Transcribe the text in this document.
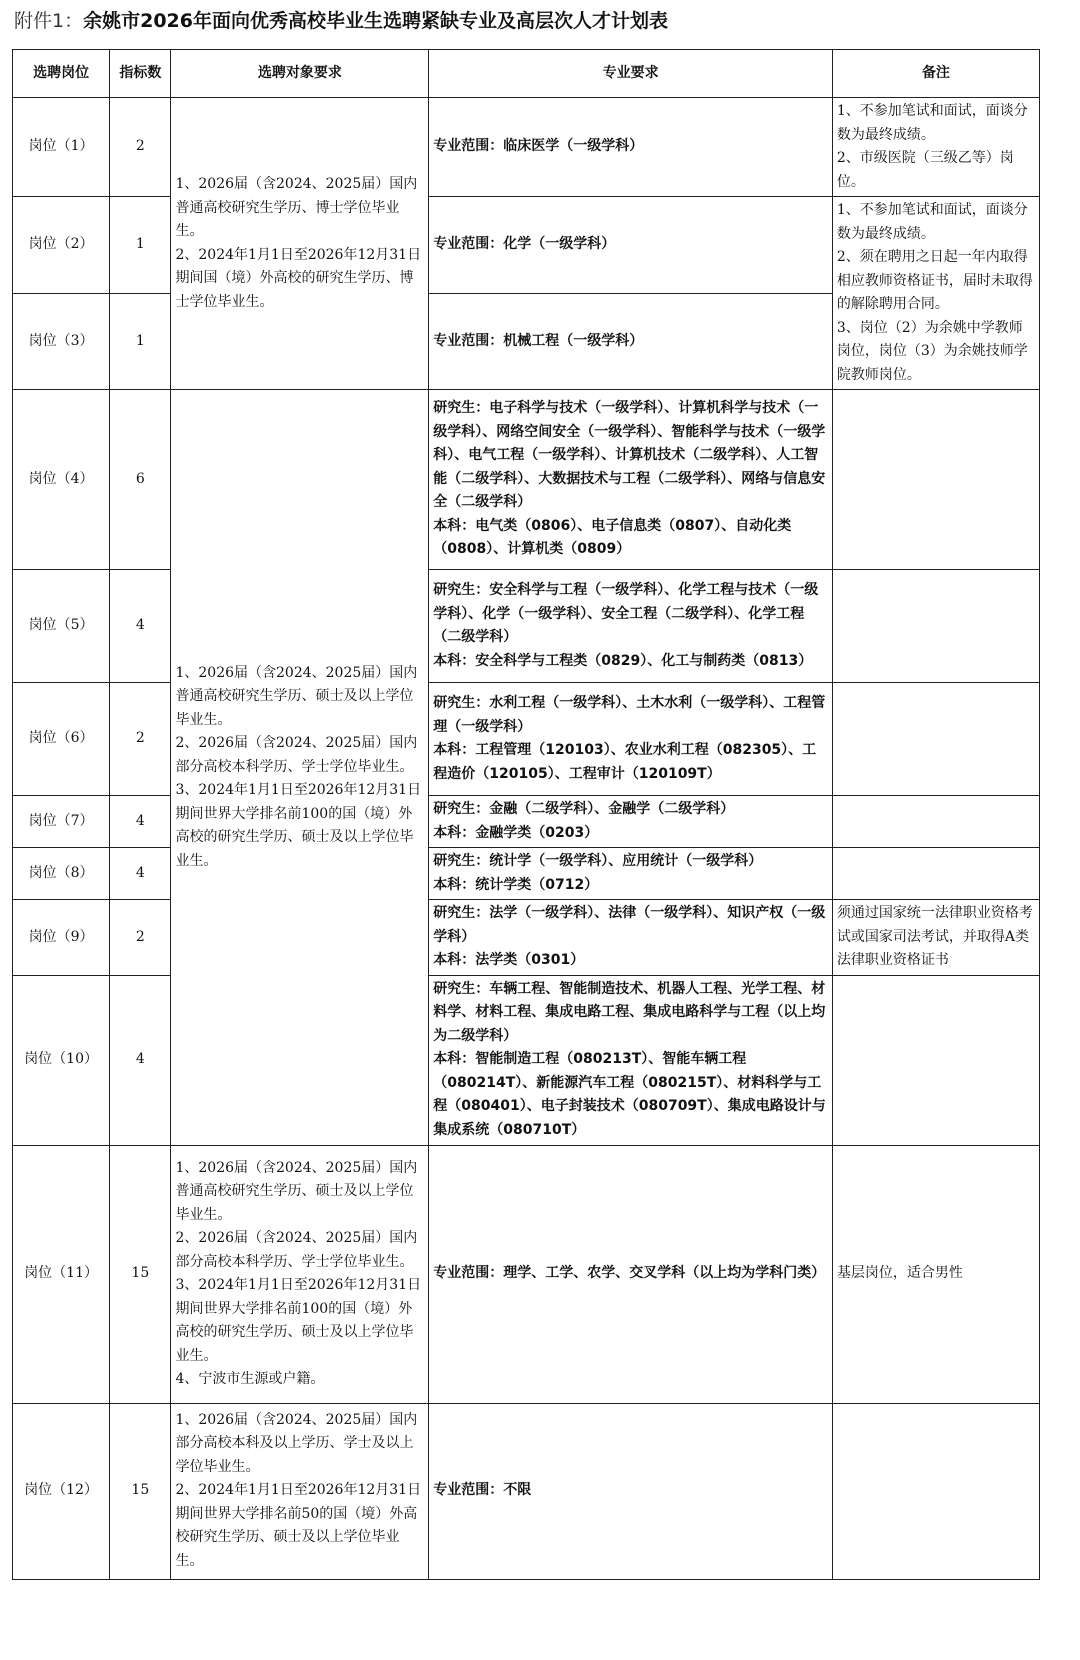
附件1：余姚市2026年面向优秀高校毕业生选聘紧缺专业及高层次人才计划表
选聘岗位	指标数	选聘对象要求	专业要求	备注
岗位（1）	2	1、2026届（含2024、2025届）国内普通高校研究生学历、博士学位毕业生。
2、2024年1月1日至2026年12月31日期间国（境）外高校的研究生学历、博士学位毕业生。	专业范围：临床医学（一级学科）	1、不参加笔试和面试，面谈分数为最终成绩。
2、市级医院（三级乙等）岗位。

岗位（2）	1		专业范围：化学（一级学科）	1、不参加笔试和面试，面谈分数为最终成绩。
2、须在聘用之日起一年内取得相应教师资格证书，届时未取得的解除聘用合同。
3、岗位（2）为余姚中学教师岗位，岗位（3）为余姚技师学院教师岗位。

岗位（3）	1		专业范围：机械工程（一级学科）	

岗位（4）	6	1、2026届（含2024、2025届）国内普通高校研究生学历、硕士及以上学位毕业生。
2、2026届（含2024、2025届）国内部分高校本科学历、学士学位毕业生。
3、2024年1月1日至2026年12月31日期间世界大学排名前100的国（境）外高校的研究生学历、硕士及以上学位毕业生。	研究生：电子科学与技术（一级学科）、计算机科学与技术（一级学科）、网络空间安全（一级学科）、智能科学与技术（一级学科）、电气工程（一级学科）、计算机技术（二级学科）、人工智能（二级学科）、大数据技术与工程（二级学科）、网络与信息安全（二级学科）
本科：电气类（0806）、电子信息类（0807）、自动化类（0808）、计算机类（0809）	

岗位（5）	4		研究生：安全科学与工程（一级学科）、化学工程与技术（一级学科）、化学（一级学科）、安全工程（二级学科）、化学工程（二级学科）
本科：安全科学与工程类（0829）、化工与制药类（0813）	

岗位（6）	2		研究生：水利工程（一级学科）、土木水利（一级学科）、工程管理（一级学科）
本科：工程管理（120103）、农业水利工程（082305）、工程造价（120105）、工程审计（120109T）	

岗位（7）	4		研究生：金融（二级学科）、金融学（二级学科）
本科：金融学类（0203）	

岗位（8）	4		研究生：统计学（一级学科）、应用统计（一级学科）
本科：统计学类（0712）	

岗位（9）	2		研究生：法学（一级学科）、法律（一级学科）、知识产权（一级学科）
本科：法学类（0301）	须通过国家统一法律职业资格考试或国家司法考试，并取得A类法律职业资格证书

岗位（10）	4		研究生：车辆工程、智能制造技术、机器人工程、光学工程、材料学、材料工程、集成电路工程、集成电路科学与工程（以上均为二级学科）
本科：智能制造工程（080213T）、智能车辆工程（080214T）、新能源汽车工程（080215T）、材料科学与工程（080401）、电子封装技术（080709T）、集成电路设计与集成系统（080710T）	

岗位（11）	15	1、2026届（含2024、2025届）国内普通高校研究生学历、硕士及以上学位毕业生。
2、2026届（含2024、2025届）国内部分高校本科学历、学士学位毕业生。
3、2024年1月1日至2026年12月31日期间世界大学排名前100的国（境）外高校的研究生学历、硕士及以上学位毕业生。
4、宁波市生源或户籍。	专业范围：理学、工学、农学、交叉学科（以上均为学科门类）	基层岗位，适合男性

岗位（12）	15	1、2026届（含2024、2025届）国内部分高校本科及以上学历、学士及以上学位毕业生。
2、2024年1月1日至2026年12月31日期间世界大学排名前50的国（境）外高校研究生学历、硕士及以上学位毕业生。	专业范围：不限	
